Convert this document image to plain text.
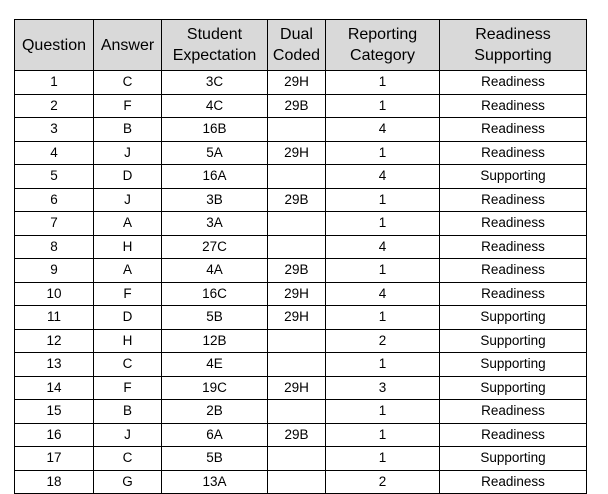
Question	Answer	Student Expectation	Dual Coded	Reporting Category	Readiness Supporting
1	C	3C	29H	1	Readiness
2	F	4C	29B	1	Readiness
3	B	16B		4	Readiness
4	J	5A	29H	1	Readiness
5	D	16A		4	Supporting
6	J	3B	29B	1	Readiness
7	A	3A		1	Readiness
8	H	27C		4	Readiness
9	A	4A	29B	1	Readiness
10	F	16C	29H	4	Readiness
11	D	5B	29H	1	Supporting
12	H	12B		2	Supporting
13	C	4E		1	Supporting
14	F	19C	29H	3	Supporting
15	B	2B		1	Readiness
16	J	6A	29B	1	Readiness
17	C	5B		1	Supporting
18	G	13A		2	Readiness
